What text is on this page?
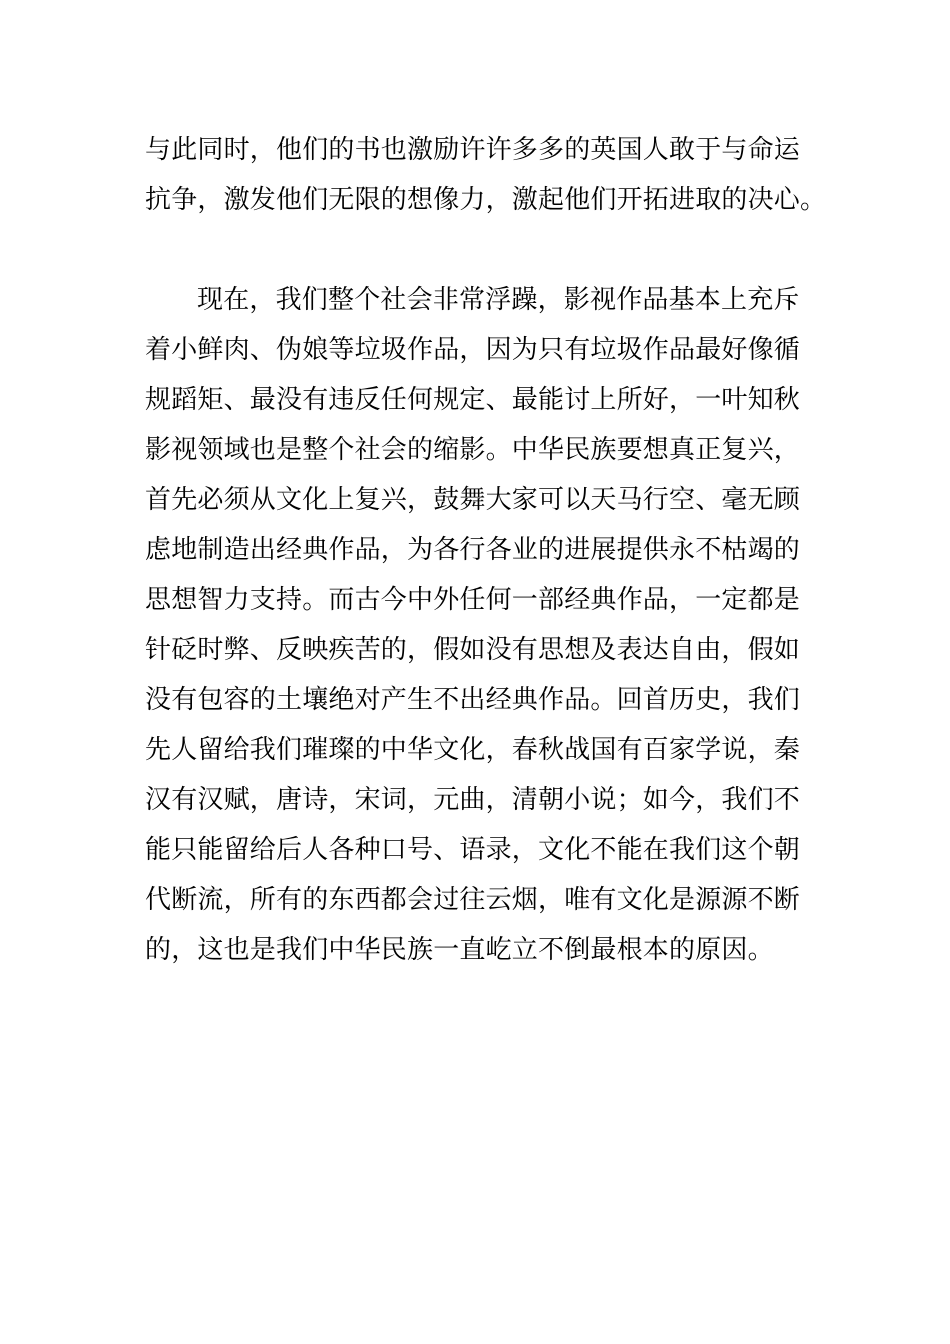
与此同时，他们的书也激励许许多多的英国人敢于与命运
抗争，激发他们无限的想像力，激起他们开拓进取的决心。
现在，我们整个社会非常浮躁，影视作品基本上充斥
着小鲜肉、伪娘等垃圾作品，因为只有垃圾作品最好像循
规蹈矩、最没有违反任何规定、最能讨上所好，一叶知秋
影视领域也是整个社会的缩影。中华民族要想真正复兴，
首先必须从文化上复兴，鼓舞大家可以天马行空、毫无顾
虑地制造出经典作品，为各行各业的进展提供永不枯竭的
思想智力支持。而古今中外任何一部经典作品，一定都是
针砭时弊、反映疾苦的，假如没有思想及表达自由，假如
没有包容的土壤绝对产生不出经典作品。回首历史，我们
先人留给我们璀璨的中华文化，春秋战国有百家学说，秦
汉有汉赋，唐诗，宋词，元曲，清朝小说；如今，我们不
能只能留给后人各种口号、语录，文化不能在我们这个朝
代断流，所有的东西都会过往云烟，唯有文化是源源不断
的，这也是我们中华民族一直屹立不倒最根本的原因。
